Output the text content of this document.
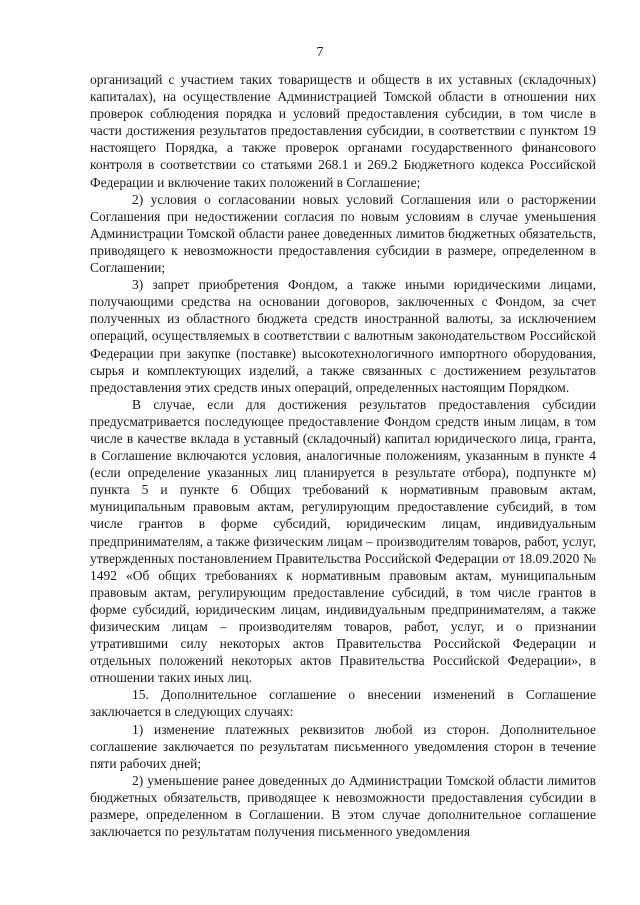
7

организаций с участием таких товариществ и обществ в их уставных (складочных) капиталах), на осуществление Администрацией Томской области в отношении них проверок соблюдения порядка и условий предоставления субсидии, в том числе в части достижения результатов предоставления субсидии, в соответствии с пунктом 19 настоящего Порядка, а также проверок органами государственного финансового контроля в соответствии со статьями 268.1 и 269.2 Бюджетного кодекса Российской Федерации и включение таких положений в Соглашение;

2) условия о согласовании новых условий Соглашения или о расторжении Соглашения при недостижении согласия по новым условиям в случае уменьшения Администрации Томской области ранее доведенных лимитов бюджетных обязательств, приводящего к невозможности предоставления субсидии в размере, определенном в Соглашении;

3) запрет приобретения Фондом, а также иными юридическими лицами, получающими средства на основании договоров, заключенных с Фондом, за счет полученных из областного бюджета средств иностранной валюты, за исключением операций, осуществляемых в соответствии с валютным законодательством Российской Федерации при закупке (поставке) высокотехнологичного импортного оборудования, сырья и комплектующих изделий, а также связанных с достижением результатов предоставления этих средств иных операций, определенных настоящим Порядком.

В случае, если для достижения результатов предоставления субсидии предусматривается последующее предоставление Фондом средств иным лицам, в том числе в качестве вклада в уставный (складочный) капитал юридического лица, гранта, в Соглашение включаются условия, аналогичные положениям, указанным в пункте 4 (если определение указанных лиц планируется в результате отбора), подпункте м) пункта 5 и пункте 6 Общих требований к нормативным правовым актам, муниципальным правовым актам, регулирующим предоставление субсидий, в том числе грантов в форме субсидий, юридическим лицам, индивидуальным предпринимателям, а также физическим лицам – производителям товаров, работ, услуг, утвержденных постановлением Правительства Российской Федерации от 18.09.2020 № 1492 «Об общих требованиях к нормативным правовым актам, муниципальным правовым актам, регулирующим предоставление субсидий, в том числе грантов в форме субсидий, юридическим лицам, индивидуальным предпринимателям, а также физическим лицам – производителям товаров, работ, услуг, и о признании утратившими силу некоторых актов Правительства Российской Федерации и отдельных положений некоторых актов Правительства Российской Федерации», в отношении таких иных лиц.

15. Дополнительное соглашение о внесении изменений в Соглашение заключается в следующих случаях:

1) изменение платежных реквизитов любой из сторон. Дополнительное соглашение заключается по результатам письменного уведомления сторон в течение пяти рабочих дней;

2) уменьшение ранее доведенных до Администрации Томской области лимитов бюджетных обязательств, приводящее к невозможности предоставления субсидии в размере, определенном в Соглашении. В этом случае дополнительное соглашение заключается по результатам получения письменного уведомления
